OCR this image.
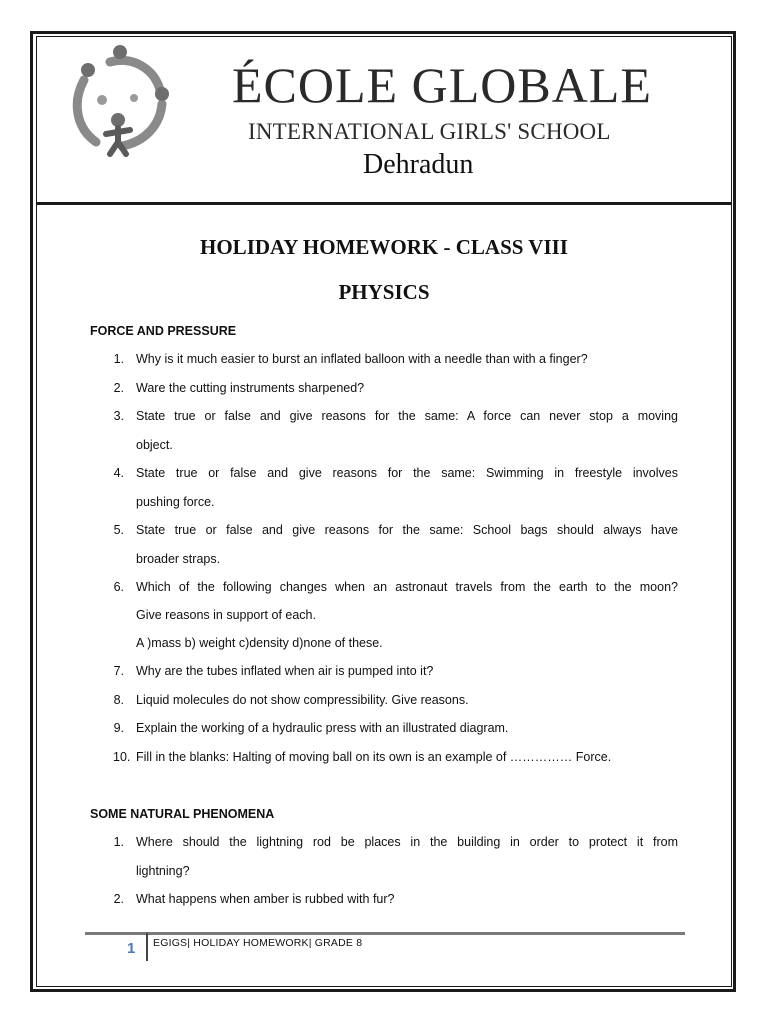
ÉCOLE GLOBALE
INTERNATIONAL GIRLS' SCHOOL
Dehradun
HOLIDAY HOMEWORK - CLASS VIII
PHYSICS
FORCE AND PRESSURE
1. Why is it much easier to burst an inflated balloon with a needle than with a finger?
2. Ware the cutting instruments sharpened?
3. State true or false and give reasons for the same: A force can never stop a moving
object.
4. State true or false and give reasons for the same: Swimming in freestyle involves
pushing force.
5. State true or false and give reasons for the same: School bags should always have
broader straps.
6. Which of the following changes when an astronaut travels from the earth to the moon?
Give reasons in support of each.
A )mass b) weight c)density d)none of these.
7. Why are the tubes inflated when air is pumped into it?
8. Liquid molecules do not show compressibility. Give reasons.
9. Explain the working of a hydraulic press with an illustrated diagram.
10. Fill in the blanks: Halting of moving ball on its own is an example of …………… Force.
SOME NATURAL PHENOMENA
1. Where should the lightning rod be places in the building in order to protect it from
lightning?
2. What happens when amber is rubbed with fur?
1 EGIGS| HOLIDAY HOMEWORK| GRADE 8
